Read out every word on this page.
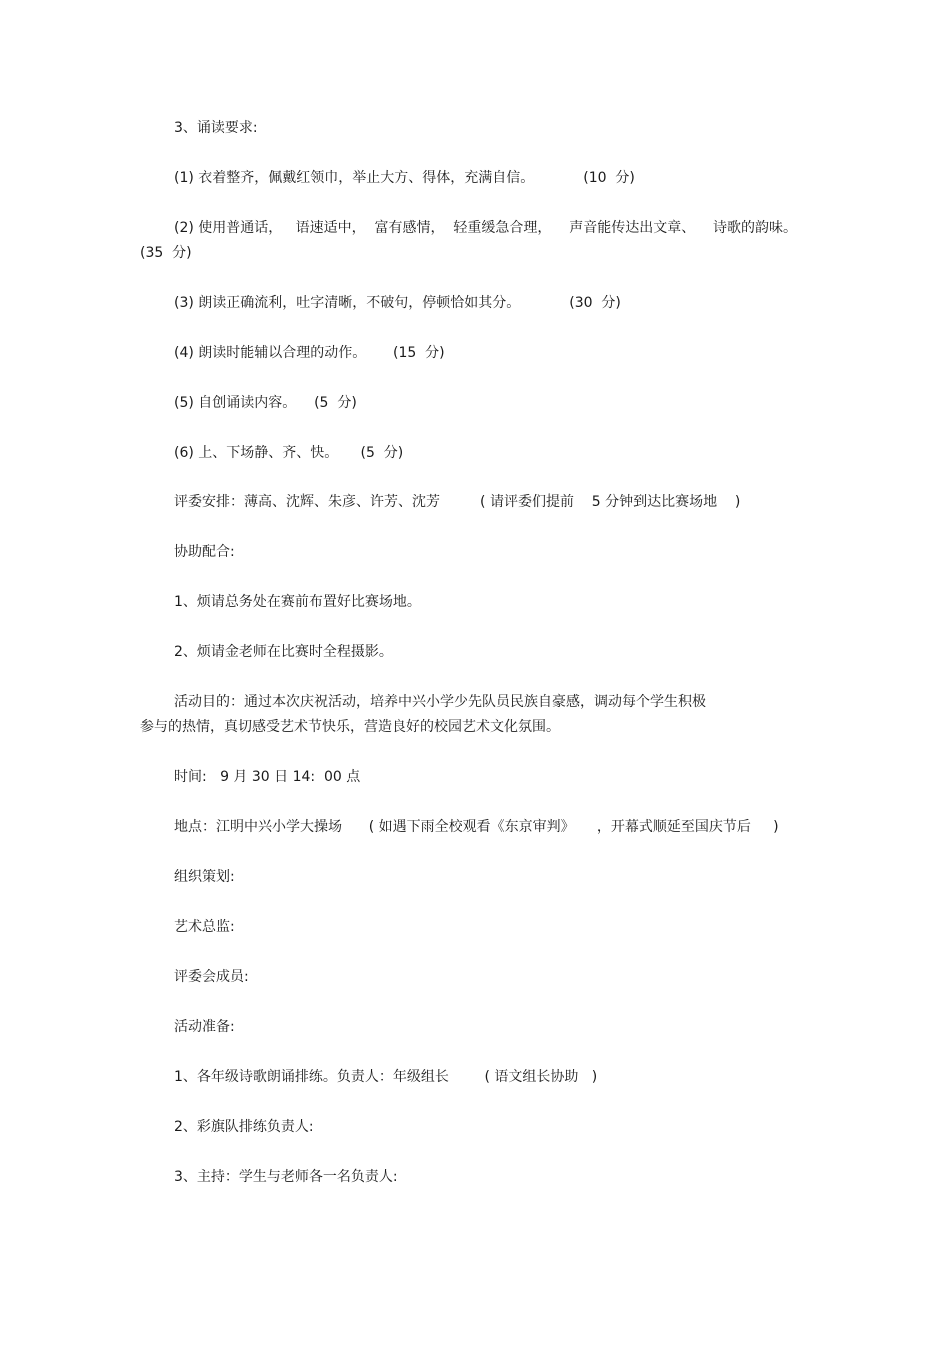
3、诵读要求:
(1) 衣着整齐，佩戴红领巾，举止大方、得体，充满自信。           (10  分)
(2) 使用普通话，   语速适中，  富有感情，  轻重缓急合理，    声音能传达出文章、    诗歌的韵味。
(35  分)
(3) 朗读正确流利，吐字清晰，不破句，停顿恰如其分。           (30  分)
(4) 朗读时能辅以合理的动作。      (15  分)
(5) 自创诵读内容。    (5  分)
(6) 上、下场静、齐、快。     (5  分)
评委安排：薄高、沈辉、朱彦、许芳、沈芳         ( 请评委们提前    5 分钟到达比赛场地    )
协助配合:
1、烦请总务处在赛前布置好比赛场地。
2、烦请金老师在比赛时全程摄影。
活动目的：通过本次庆祝活动，培养中兴小学少先队员民族自豪感，调动每个学生积极
参与的热情，真切感受艺术节快乐，营造良好的校园艺术文化氛围。
时间:   9 月 30 日 14:  00 点
地点：江明中兴小学大操场      ( 如遇下雨全校观看《东京审判》     ，开幕式顺延至国庆节后     )
组织策划:
艺术总监:
评委会成员:
活动准备:
1、各年级诗歌朗诵排练。负责人：年级组长        ( 语文组长协助   )
2、彩旗队排练负责人:
3、主持：学生与老师各一名负责人:
